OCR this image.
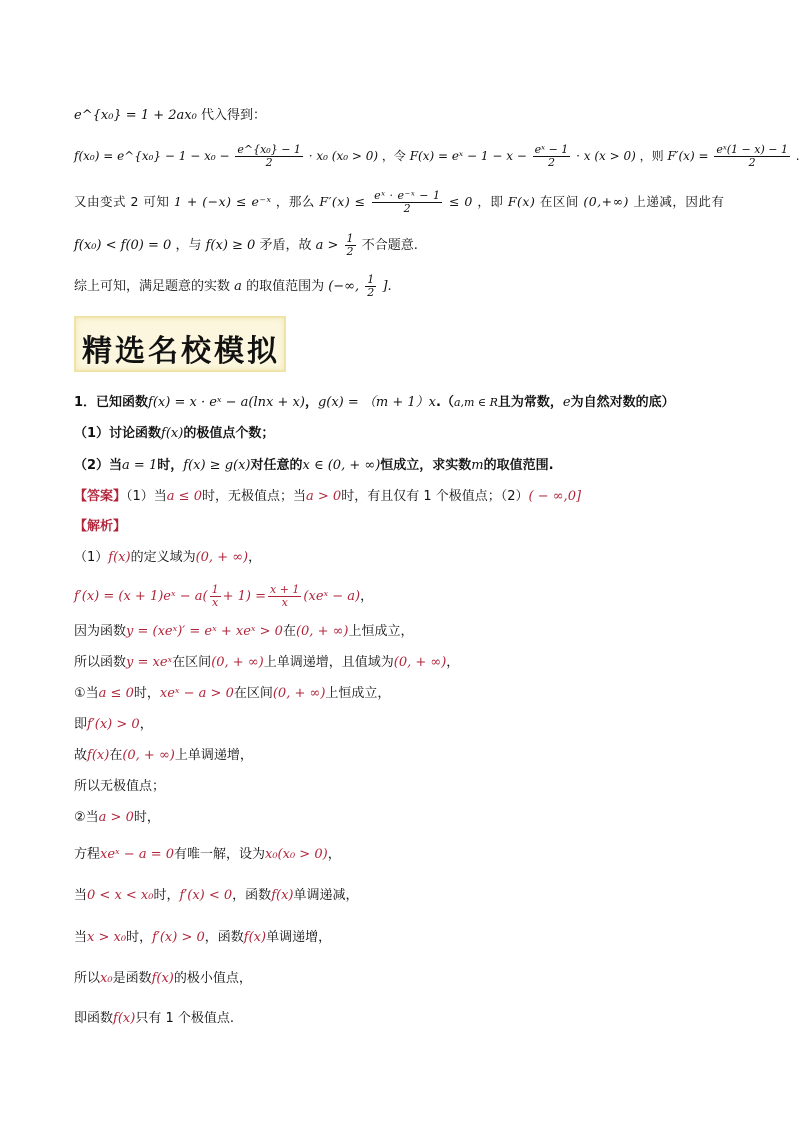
e^{x₀} = 1 + 2ax₀ 代入得到：
f(x₀) = e^{x₀} − $1 - x_0 - \frac{\text{e\textasciicircum{}\{x₀\} − 1}}{2} \cdot x_0$ (x₀ > 0) ，令 F(x) = eˣ − $1 - x - \frac{\text{eˣ − 1}}{2} \cdot x$ (x > 0) ，则 $F'(x) = \frac{\text{eˣ(1 − x) − 1}}{2}$ .
又由变式 2 可知 1 + (−x) ≤ e⁻ˣ ，那么 $F'(x) \le \frac{\text{eˣ · e⁻ˣ − 1}}{2} \le 0$ ，即 F(x) 在区间 (0,+∞) 上递减，因此有
f(x₀) < f(0) = 0 ，与 f(x) ≥ 0 矛盾，故 $a > \frac{1}{2}$ 不合题意.
综上可知，满足题意的实数 a 的取值范围为 (−∞, $\frac{1}{2}$ ].
精选名校模拟
1．已知函数f(x) = x · eˣ − a(lnx + x)，g(x) = （m + 1）x.（a,m ∈ R且为常数，e为自然对数的底）
（1）讨论函数f(x)的极值点个数；
（2）当a = 1时，f(x) ≥ g(x)对任意的x ∈ (0, + ∞)恒成立，求实数m的取值范围.
【答案】（1）当a ≤ 0时，无极值点；当a > 0时，有且仅有 1 个极值点；（2）( − ∞,0]
【解析】
（1）f(x)的定义域为(0, + ∞)，
f′(x) = (x + 1)eˣ − $a( \frac{1}{x} + 1) = \frac{x + 1}{x}$ (xeˣ − a)，
因为函数y = (xeˣ)′ = eˣ + xeˣ > 0在(0, + ∞)上恒成立，
所以函数y = xeˣ在区间(0, + ∞)上单调递增，且值域为(0, + ∞)，
①当a ≤ 0时，xeˣ − a > 0在区间(0, + ∞)上恒成立，
即f′(x) > 0，
故f(x)在(0, + ∞)上单调递增，
所以无极值点；
②当a > 0时，
方程xeˣ − a = 0有唯一解，设为x₀(x₀ > 0)，
当0 < x < x₀时，f′(x) < 0，函数f(x)单调递减，
当x > x₀时，f′(x) > 0，函数f(x)单调递增，
所以x₀是函数f(x)的极小值点，
即函数f(x)只有 1 个极值点.
